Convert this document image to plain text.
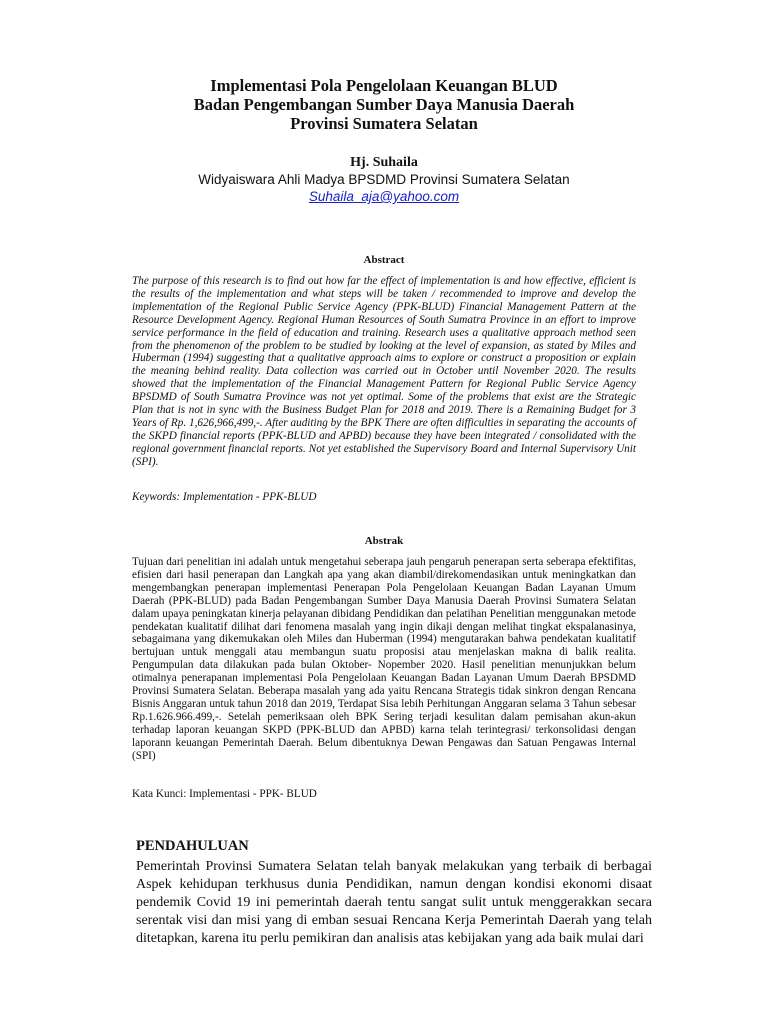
Implementasi Pola Pengelolaan Keuangan BLUD
Badan Pengembangan Sumber Daya Manusia Daerah
Provinsi Sumatera Selatan
Hj. Suhaila
Widyaiswara Ahli Madya BPSDMD Provinsi Sumatera Selatan
Suhaila_aja@yahoo.com
Abstract
The purpose of this research is to find out how far the effect of implementation is and how effective, efficient is the results of the implementation and what steps will be taken / recommended to improve and develop the implementation of the Regional Public Service Agency (PPK-BLUD) Financial Management Pattern at the Resource Development Agency. Regional Human Resources of South Sumatra Province in an effort to improve service performance in the field of education and training. Research uses a qualitative approach method seen from the phenomenon of the problem to be studied by looking at the level of expansion, as stated by Miles and Huberman (1994) suggesting that a qualitative approach aims to explore or construct a proposition or explain the meaning behind reality. Data collection was carried out in October until November 2020. The results showed that the implementation of the Financial Management Pattern for Regional Public Service Agency BPSDMD of South Sumatra Province was not yet optimal. Some of the problems that exist are the Strategic Plan that is not in sync with the Business Budget Plan for 2018 and 2019. There is a Remaining Budget for 3 Years of Rp. 1,626,966,499,-. After auditing by the BPK There are often difficulties in separating the accounts of the SKPD financial reports (PPK-BLUD and APBD) because they have been integrated / consolidated with the regional government financial reports. Not yet established the Supervisory Board and Internal Supervisory Unit (SPI).
Keywords: Implementation - PPK-BLUD
Abstrak
Tujuan dari penelitian ini adalah untuk mengetahui seberapa jauh pengaruh penerapan serta seberapa efektifitas, efisien dari hasil penerapan dan Langkah apa yang akan diambil/direkomendasikan untuk meningkatkan dan mengembangkan penerapan implementasi Penerapan Pola Pengelolaan Keuangan Badan Layanan Umum Daerah (PPK-BLUD) pada Badan Pengembangan Sumber Daya Manusia Daerah Provinsi Sumatera Selatan dalam upaya peningkatan kinerja pelayanan dibidang Pendidikan dan pelatihan Penelitian menggunakan metode pendekatan kualitatif dilihat dari fenomena masalah yang ingin dikaji dengan melihat tingkat ekspalanasinya, sebagaimana yang dikemukakan oleh Miles dan Huberman (1994) mengutarakan bahwa pendekatan kualitatif bertujuan untuk menggali atau membangun suatu proposisi atau menjelaskan makna di balik realita. Pengumpulan data dilakukan pada bulan Oktober- Nopember 2020. Hasil penelitian menunjukkan belum otimalnya penerapanan implementasi Pola Pengelolaan Keuangan Badan Layanan Umum Daerah BPSDMD Provinsi Sumatera Selatan. Beberapa masalah yang ada yaitu Rencana Strategis tidak sinkron dengan Rencana Bisnis Anggaran untuk tahun 2018 dan 2019, Terdapat Sisa lebih Perhitungan Anggaran selama 3 Tahun sebesar Rp.1.626.966.499,-. Setelah pemeriksaan oleh BPK Sering terjadi kesulitan dalam pemisahan akun-akun terhadap laporan keuangan SKPD (PPK-BLUD dan APBD) karna telah terintegrasi/ terkonsolidasi dengan laporann keuangan Pemerintah Daerah. Belum dibentuknya Dewan Pengawas dan Satuan Pengawas Internal (SPI)
Kata Kunci: Implementasi - PPK- BLUD
PENDAHULUAN
Pemerintah Provinsi Sumatera Selatan telah banyak melakukan yang terbaik di berbagai Aspek kehidupan terkhusus dunia Pendidikan, namun dengan kondisi ekonomi disaat pendemik Covid 19 ini pemerintah daerah tentu sangat sulit untuk menggerakkan secara serentak visi dan misi yang di emban sesuai Rencana Kerja Pemerintah Daerah yang telah ditetapkan, karena itu perlu pemikiran dan analisis atas kebijakan yang ada baik mulai dari
